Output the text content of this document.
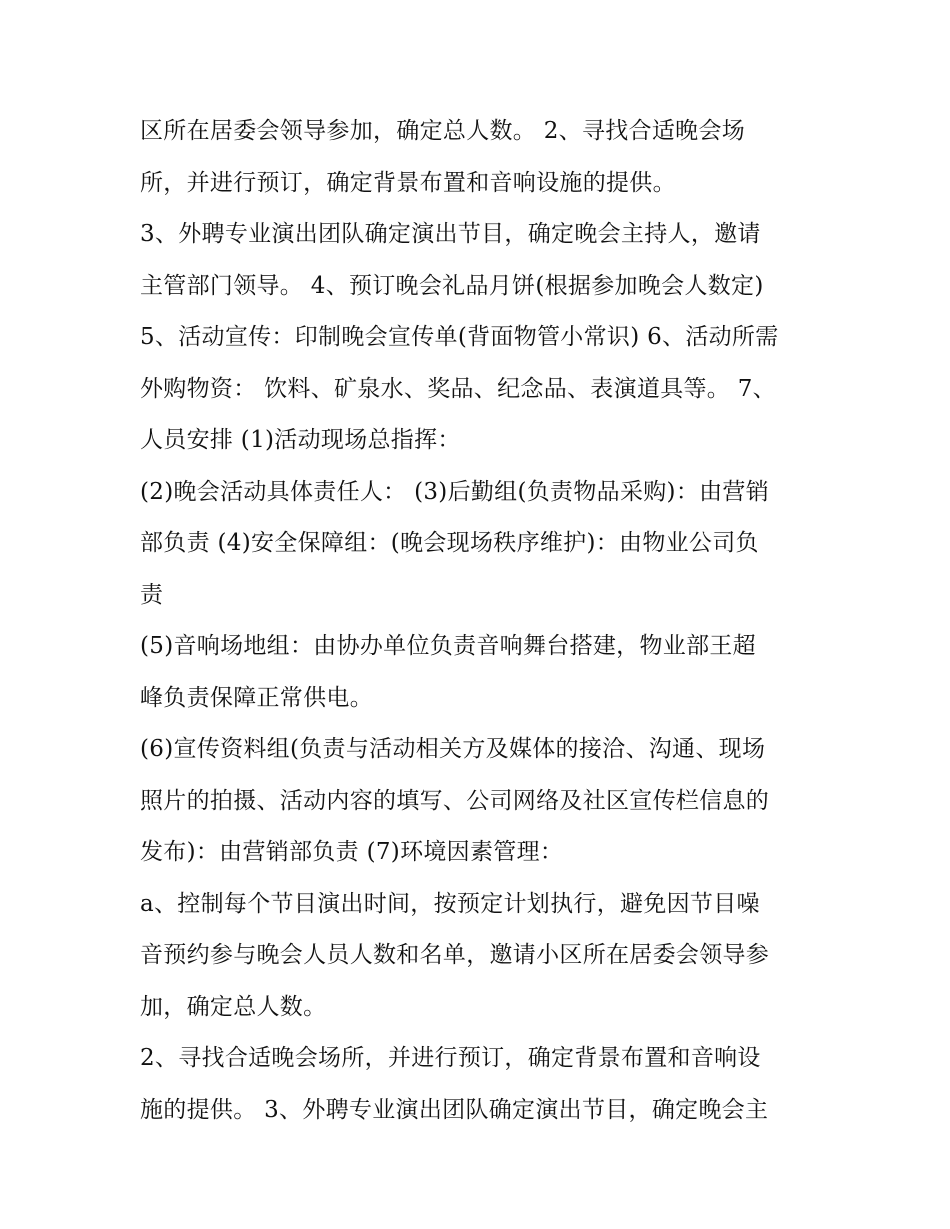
区所在居委会领导参加，确定总人数。 2、寻找合适晚会场
所，并进行预订，确定背景布置和音响设施的提供。
3、外聘专业演出团队确定演出节目，确定晚会主持人，邀请
主管部门领导。 4、预订晚会礼品月饼(根据参加晚会人数定)
5、活动宣传：印制晚会宣传单(背面物管小常识) 6、活动所需
外购物资： 饮料、矿泉水、奖品、纪念品、表演道具等。 7、
人员安排 (1)活动现场总指挥：
(2)晚会活动具体责任人： (3)后勤组(负责物品采购)：由营销
部负责 (4)安全保障组：(晚会现场秩序维护)：由物业公司负
责
(5)音响场地组：由协办单位负责音响舞台搭建，物业部王超
峰负责保障正常供电。
(6)宣传资料组(负责与活动相关方及媒体的接洽、沟通、现场
照片的拍摄、活动内容的填写、公司网络及社区宣传栏信息的
发布)：由营销部负责 (7)环境因素管理：
a、控制每个节目演出时间，按预定计划执行，避免因节目噪
音预约参与晚会人员人数和名单，邀请小区所在居委会领导参
加，确定总人数。
2、寻找合适晚会场所，并进行预订，确定背景布置和音响设
施的提供。 3、外聘专业演出团队确定演出节目，确定晚会主
